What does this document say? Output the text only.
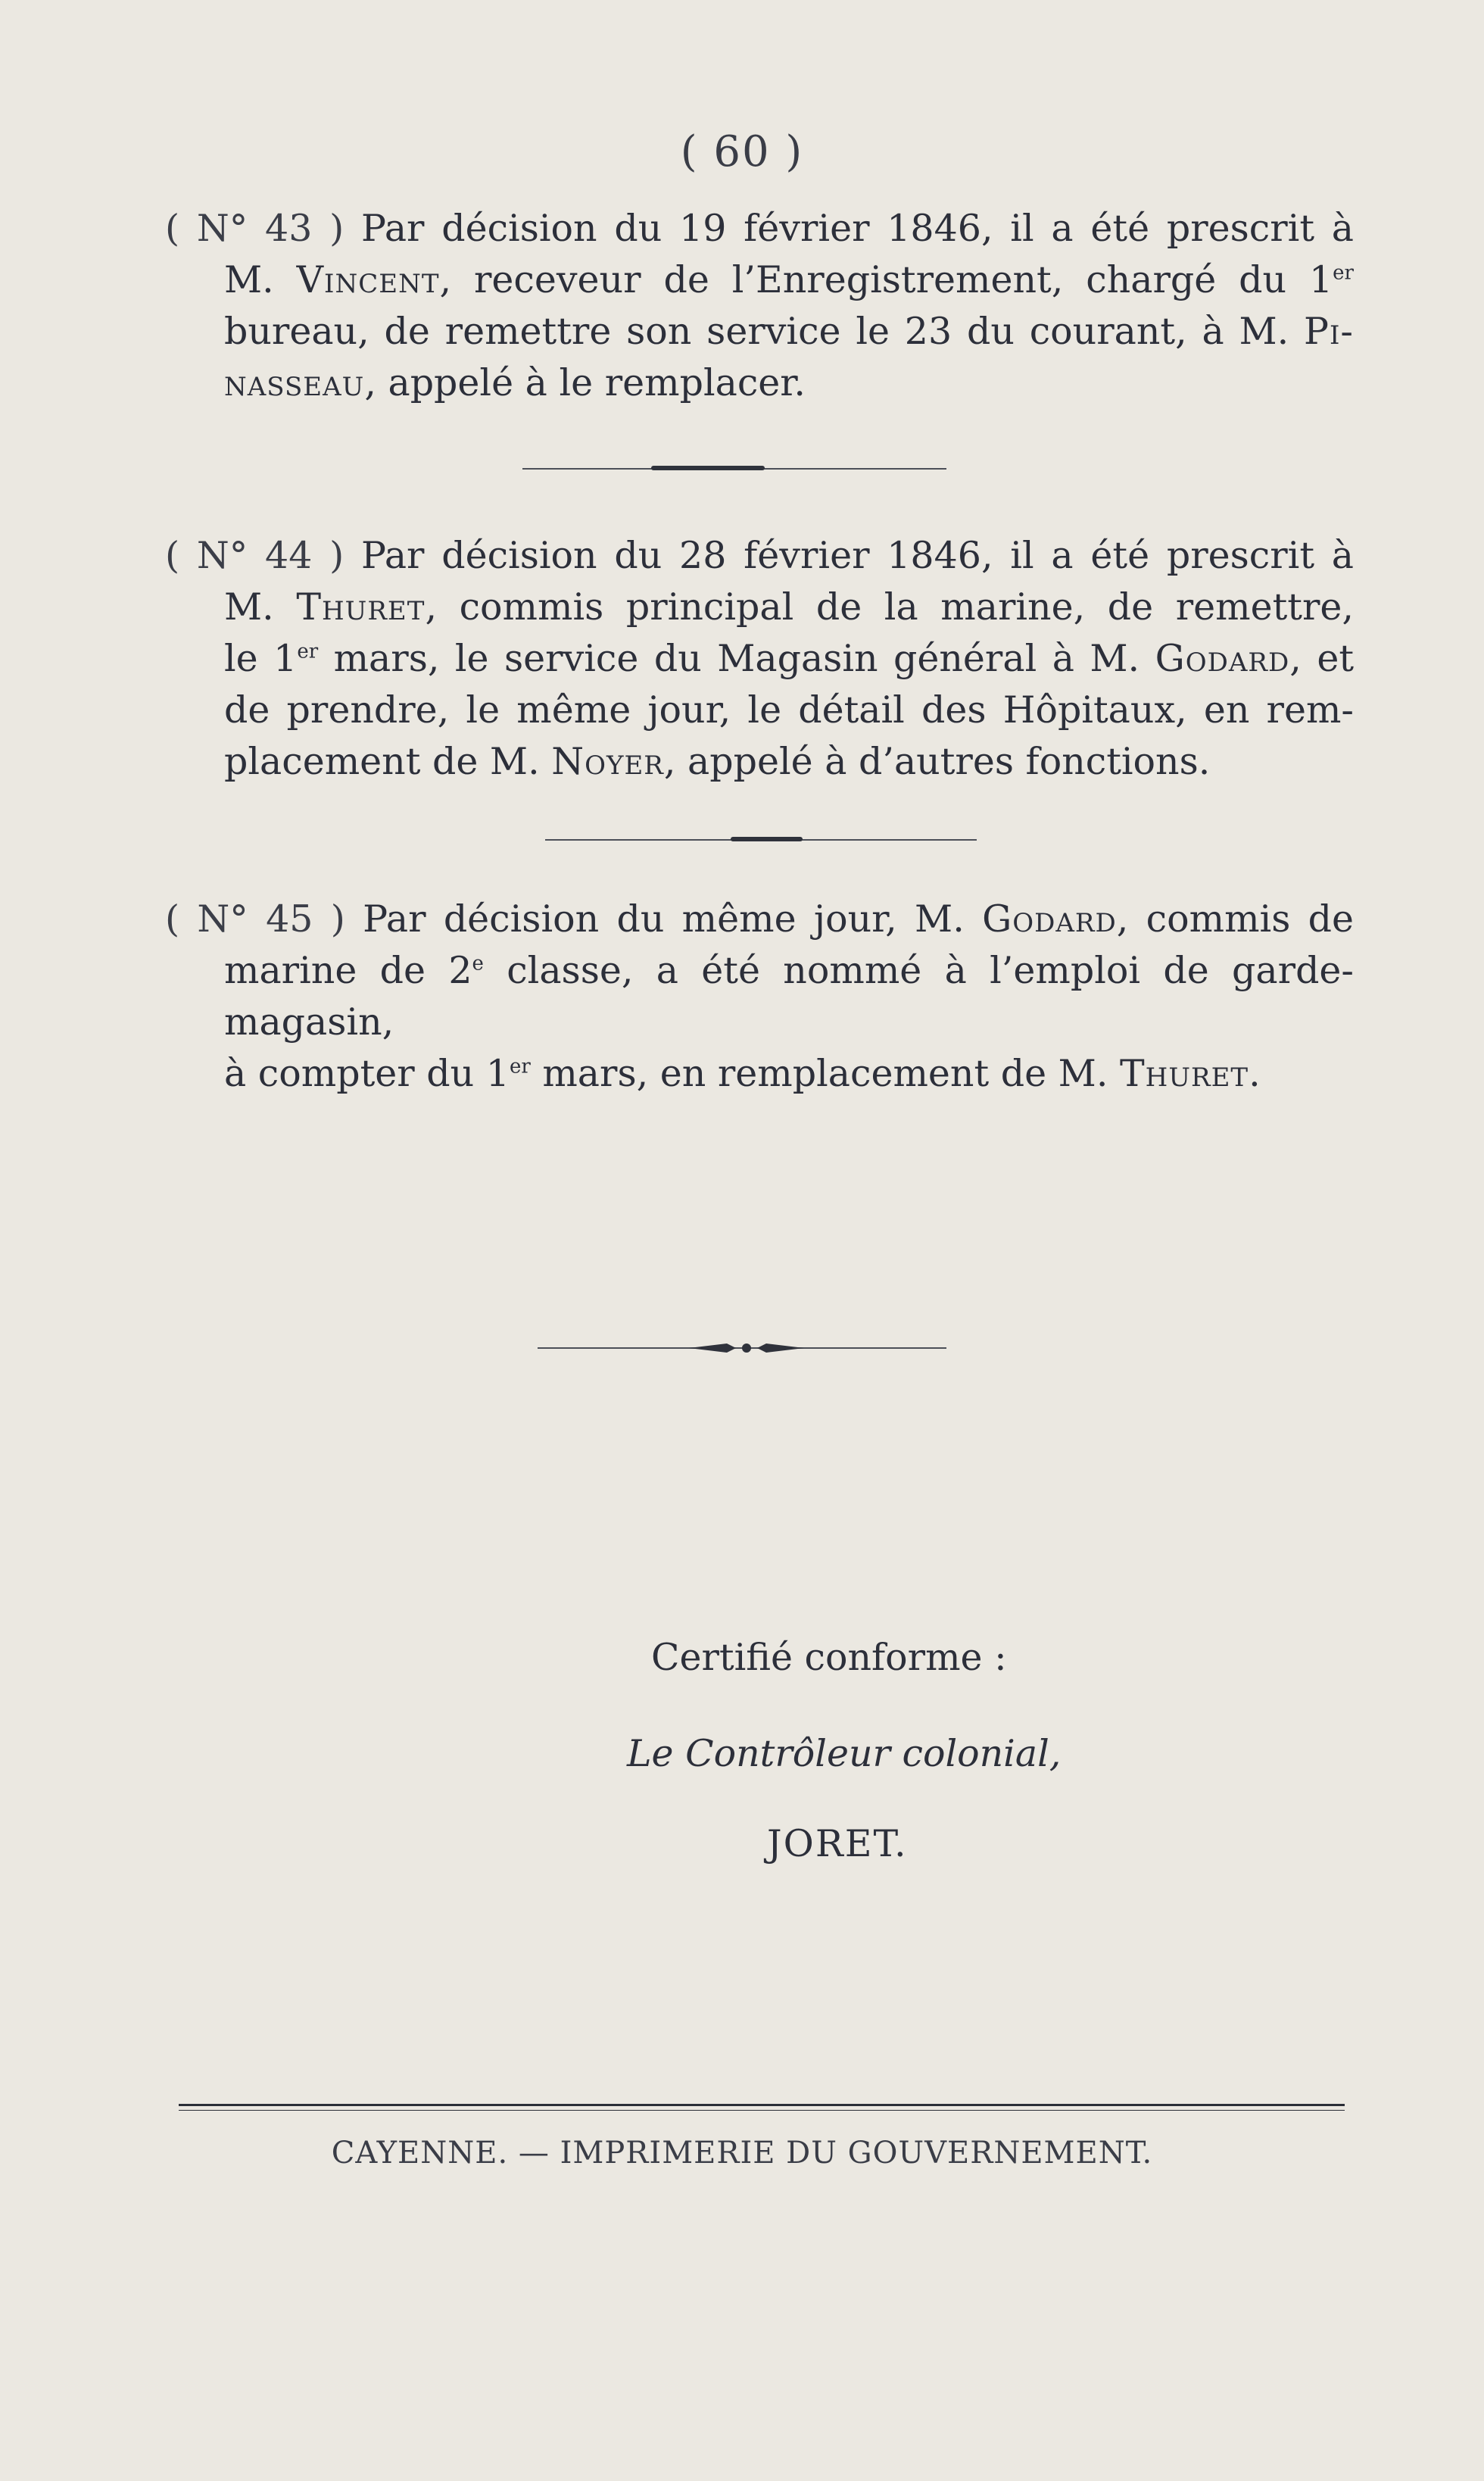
( 60 )
( N° 43 ) Par décision du 19 février 1846, il a été prescrit à
M. Vincent, receveur de l’Enregistrement, chargé du 1er
bureau, de remettre son service le 23 du courant, à M. Pi-
nasseau, appelé à le remplacer.
( N° 44 ) Par décision du 28 février 1846, il a été prescrit à
M. Thuret, commis principal de la marine, de remettre,
le 1er mars, le service du Magasin général à M. Godard, et
de prendre, le même jour, le détail des Hôpitaux, en rem-
placement de M. Noyer, appelé à d’autres fonctions.
( N° 45 ) Par décision du même jour, M. Godard, commis de
marine de 2e classe, a été nommé à l’emploi de garde-magasin,
à compter du 1er mars, en remplacement de M. Thuret.
Certifié conforme :
Le Contrôleur colonial,
JORET.
CAYENNE. — IMPRIMERIE DU GOUVERNEMENT.
